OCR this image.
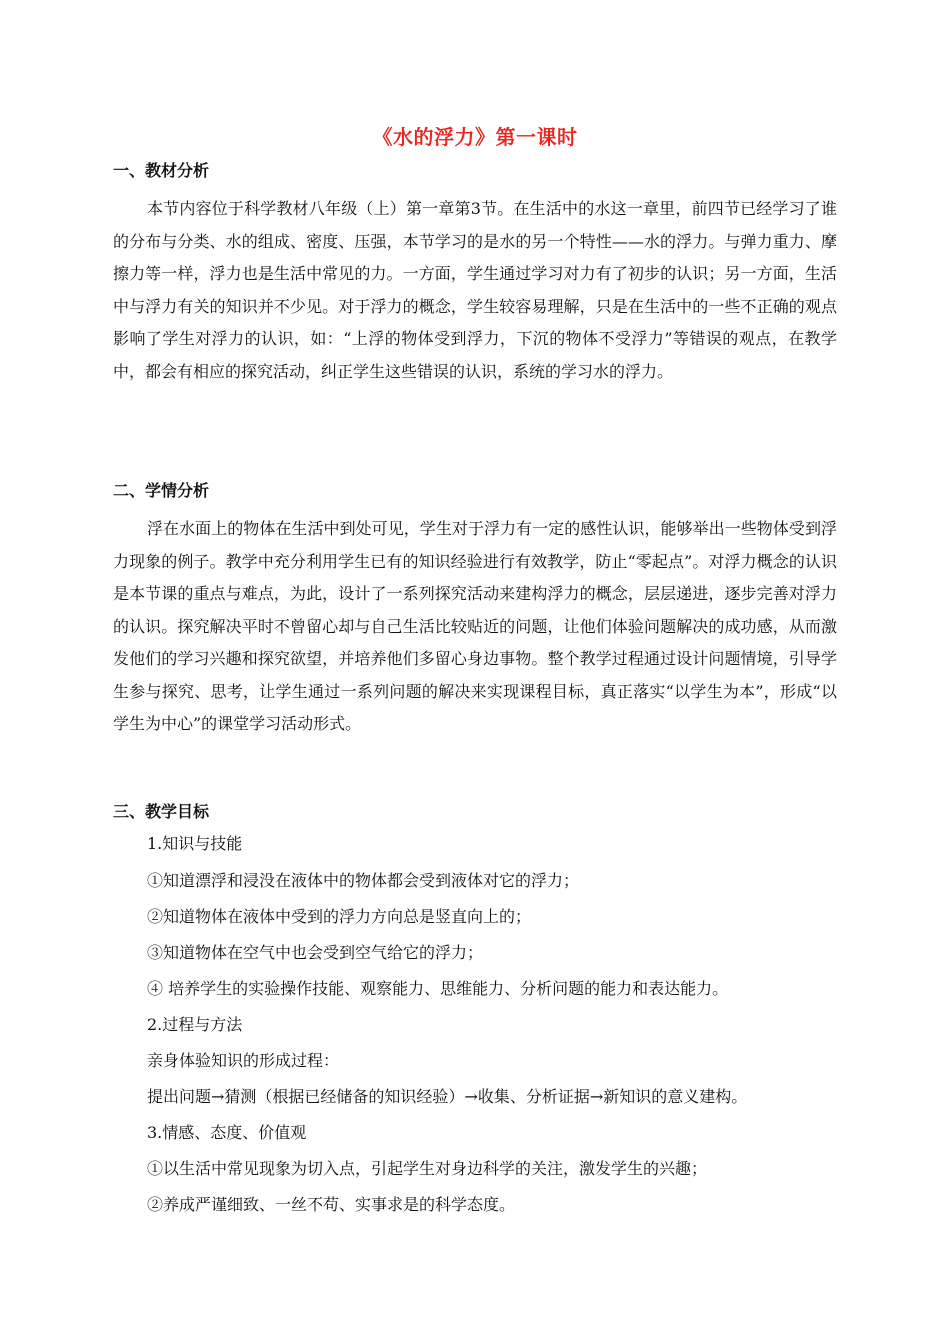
《水的浮力》第一课时
一、教材分析

本节内容位于科学教材八年级（上）第一章第3节。在生活中的水这一章里，前四节已经学习了谁的分布与分类、水的组成、密度、压强，本节学习的是水的另一个特性——水的浮力。与弹力重力、摩擦力等一样，浮力也是生活中常见的力。一方面，学生通过学习对力有了初步的认识；另一方面，生活中与浮力有关的知识并不少见。对于浮力的概念，学生较容易理解，只是在生活中的一些不正确的观点影响了学生对浮力的认识，如：“上浮的物体受到浮力，下沉的物体不受浮力”等错误的观点，在教学中，都会有相应的探究活动，纠正学生这些错误的认识，系统的学习水的浮力。

二、学情分析

浮在水面上的物体在生活中到处可见，学生对于浮力有一定的感性认识，能够举出一些物体受到浮力现象的例子。教学中充分利用学生已有的知识经验进行有效教学，防止“零起点”。对浮力概念的认识是本节课的重点与难点，为此，设计了一系列探究活动来建构浮力的概念，层层递进，逐步完善对浮力的认识。探究解决平时不曾留心却与自己生活比较贴近的问题，让他们体验问题解决的成功感，从而激发他们的学习兴趣和探究欲望，并培养他们多留心身边事物。整个教学过程通过设计问题情境，引导学生参与探究、思考，让学生通过一系列问题的解决来实现课程目标，真正落实“以学生为本”，形成“以学生为中心”的课堂学习活动形式。

三、教学目标
1.知识与技能
①知道漂浮和浸没在液体中的物体都会受到液体对它的浮力；
②知道物体在液体中受到的浮力方向总是竖直向上的；
③知道物体在空气中也会受到空气给它的浮力；
④ 培养学生的实验操作技能、观察能力、思维能力、分析问题的能力和表达能力。
2.过程与方法
亲身体验知识的形成过程：
提出问题→猜测（根据已经储备的知识经验）→收集、分析证据→新知识的意义建构。
3.情感、态度、价值观
①以生活中常见现象为切入点，引起学生对身边科学的关注，激发学生的兴趣；
②养成严谨细致、一丝不苟、实事求是的科学态度。
